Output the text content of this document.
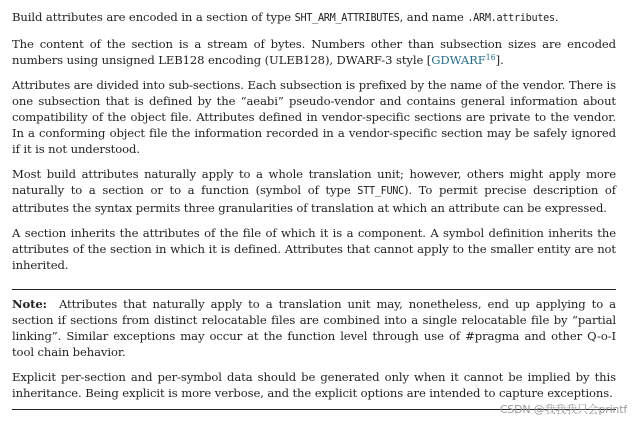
Build attributes are encoded in a section of type SHT_ARM_ATTRIBUTES, and name .ARM.attributes.

The content of the section is a stream of bytes. Numbers other than subsection sizes are encoded numbers using unsigned LEB128 encoding (ULEB128), DWARF-3 style [GDWARF$^{16}$].

Attributes are divided into sub-sections. Each subsection is prefixed by the name of the vendor. There is one subsection that is defined by the “aeabi” pseudo-vendor and contains general information about compatibility of the object file. Attributes defined in vendor-specific sections are private to the vendor. In a conforming object file the information recorded in a vendor-specific section may be safely ignored if it is not understood.

Most build attributes naturally apply to a whole translation unit; however, others might apply more naturally to a section or to a function (symbol of type STT_FUNC). To permit precise description of attributes the syntax permits three granularities of translation at which an attribute can be expressed.

A section inherits the attributes of the file of which it is a component. A symbol definition inherits the attributes of the section in which it is defined. Attributes that cannot apply to the smaller entity are not inherited.

Note: Attributes that naturally apply to a translation unit may, nonetheless, end up applying to a section if sections from distinct relocatable files are combined into a single relocatable file by “partial linking”. Similar exceptions may occur at the function level through use of #pragma and other Q-o-I tool chain behavior.

Explicit per-section and per-symbol data should be generated only when it cannot be implied by this inheritance. Being explicit is more verbose, and the explicit options are intended to capture exceptions.

CSDN @我我我只会printf
